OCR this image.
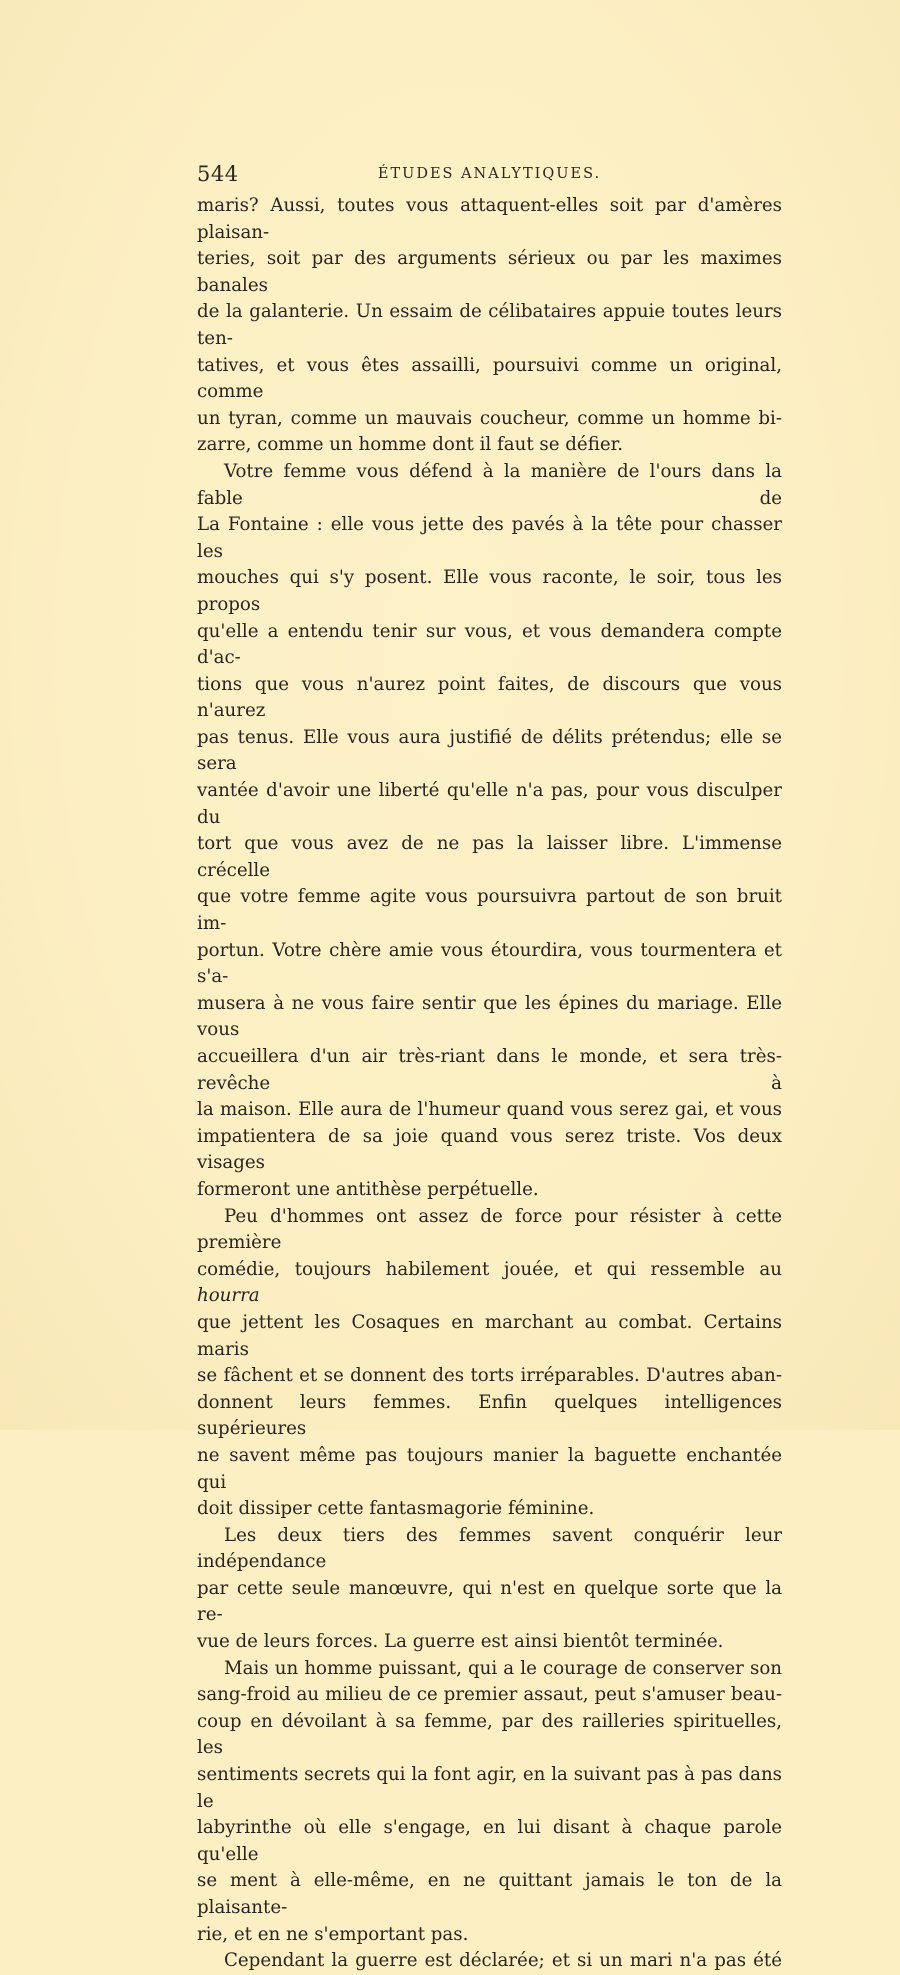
544	ÉTUDES ANALYTIQUES.
maris? Aussi, toutes vous attaquent-elles soit par d'amères plaisan-
teries, soit par des arguments sérieux ou par les maximes banales
de la galanterie. Un essaim de célibataires appuie toutes leurs ten-
tatives, et vous êtes assailli, poursuivi comme un original, comme
un tyran, comme un mauvais coucheur, comme un homme bi-
zarre, comme un homme dont il faut se défier.
Votre femme vous défend à la manière de l'ours dans la fable de
La Fontaine : elle vous jette des pavés à la tête pour chasser les
mouches qui s'y posent. Elle vous raconte, le soir, tous les propos
qu'elle a entendu tenir sur vous, et vous demandera compte d'ac-
tions que vous n'aurez point faites, de discours que vous n'aurez
pas tenus. Elle vous aura justifié de délits prétendus; elle se sera
vantée d'avoir une liberté qu'elle n'a pas, pour vous disculper du
tort que vous avez de ne pas la laisser libre. L'immense crécelle
que votre femme agite vous poursuivra partout de son bruit im-
portun. Votre chère amie vous étourdira, vous tourmentera et s'a-
musera à ne vous faire sentir que les épines du mariage. Elle vous
accueillera d'un air très-riant dans le monde, et sera très-revêche à
la maison. Elle aura de l'humeur quand vous serez gai, et vous
impatientera de sa joie quand vous serez triste. Vos deux visages
formeront une antithèse perpétuelle.
Peu d'hommes ont assez de force pour résister à cette première
comédie, toujours habilement jouée, et qui ressemble au hourra
que jettent les Cosaques en marchant au combat. Certains maris
se fâchent et se donnent des torts irréparables. D'autres aban-
donnent leurs femmes. Enfin quelques intelligences supérieures
ne savent même pas toujours manier la baguette enchantée qui
doit dissiper cette fantasmagorie féminine.
Les deux tiers des femmes savent conquérir leur indépendance
par cette seule manœuvre, qui n'est en quelque sorte que la re-
vue de leurs forces. La guerre est ainsi bientôt terminée.
Mais un homme puissant, qui a le courage de conserver son
sang-froid au milieu de ce premier assaut, peut s'amuser beau-
coup en dévoilant à sa femme, par des railleries spirituelles, les
sentiments secrets qui la font agir, en la suivant pas à pas dans le
labyrinthe où elle s'engage, en lui disant à chaque parole qu'elle
se ment à elle-même, en ne quittant jamais le ton de la plaisante-
rie, et en ne s'emportant pas.
Cependant la guerre est déclarée; et si un mari n'a pas été
